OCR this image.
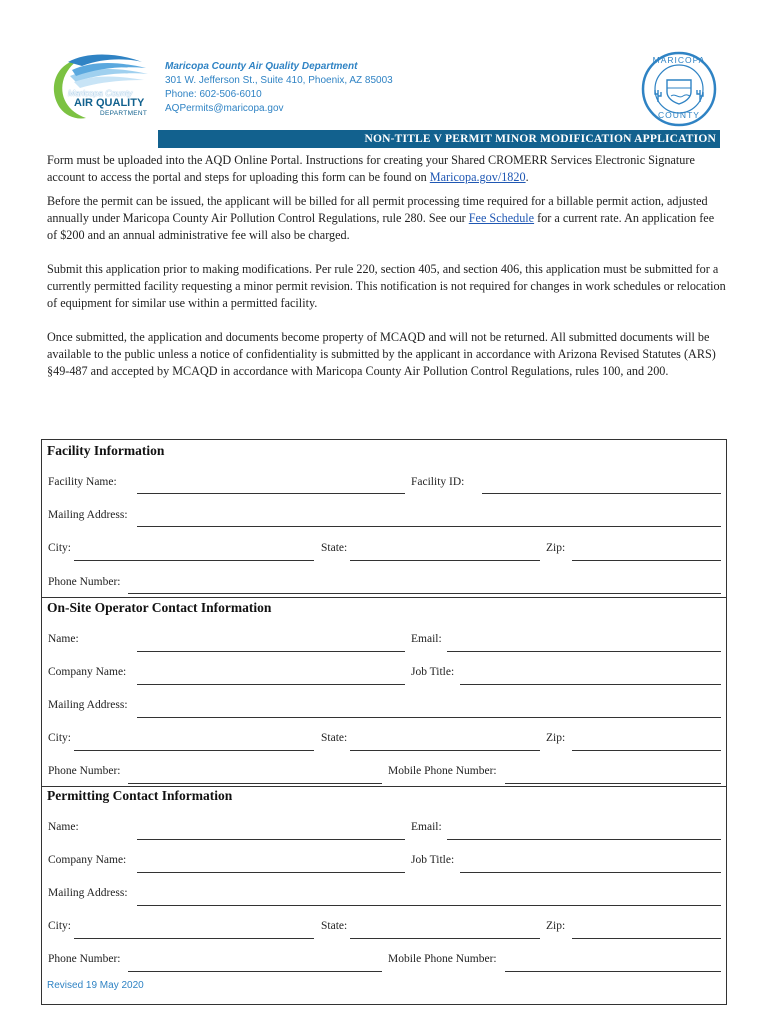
Maricopa County
AIR QUALITY
DEPARTMENT
Maricopa County Air Quality Department
301 W. Jefferson St., Suite 410, Phoenix, AZ 85003
Phone: 602-506-6010
AQPermits@maricopa.gov
MARICOPA
COUNTY
NON-TITLE V PERMIT MINOR MODIFICATION APPLICATION
Form must be uploaded into the AQD Online Portal. Instructions for creating your Shared CROMERR Services Electronic Signature account to access the portal and steps for uploading this form can be found on Maricopa.gov/1820.
Before the permit can be issued, the applicant will be billed for all permit processing time required for a billable permit action, adjusted annually under Maricopa County Air Pollution Control Regulations, rule 280. See our Fee Schedule for a current rate. An application fee of $200 and an annual administrative fee will also be charged.
Submit this application prior to making modifications. Per rule 220, section 405, and section 406, this application must be submitted for a currently permitted facility requesting a minor permit revision. This notification is not required for changes in work schedules or relocation of equipment for similar use within a permitted facility.
Once submitted, the application and documents become property of MCAQD and will not be returned. All submitted documents will be available to the public unless a notice of confidentiality is submitted by the applicant in accordance with Arizona Revised Statutes (ARS) §49-487 and accepted by MCAQD in accordance with Maricopa County Air Pollution Control Regulations, rules 100, and 200.
Facility Information
Facility Name:	Facility ID:
Mailing Address:
City:	State:	Zip:
Phone Number:
On-Site Operator Contact Information
Name:	Email:
Company Name:	Job Title:
Mailing Address:
City:	State:	Zip:
Phone Number:	Mobile Phone Number:
Permitting Contact Information
Name:	Email:
Company Name:	Job Title:
Mailing Address:
City:	State:	Zip:
Phone Number:	Mobile Phone Number:
Revised 19 May 2020
